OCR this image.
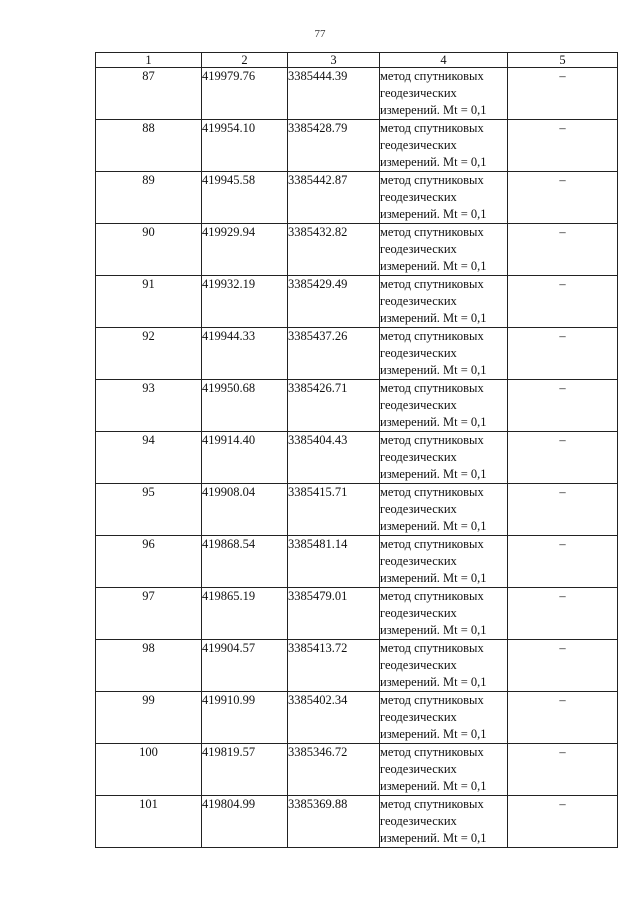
77
1	2	3	4	5
87	419979.76	3385444.39	метод спутниковых
геодезических
измерений. Mt = 0,1	–
88	419954.10	3385428.79	метод спутниковых
геодезических
измерений. Mt = 0,1	–
89	419945.58	3385442.87	метод спутниковых
геодезических
измерений. Mt = 0,1	–
90	419929.94	3385432.82	метод спутниковых
геодезических
измерений. Mt = 0,1	–
91	419932.19	3385429.49	метод спутниковых
геодезических
измерений. Mt = 0,1	–
92	419944.33	3385437.26	метод спутниковых
геодезических
измерений. Mt = 0,1	–
93	419950.68	3385426.71	метод спутниковых
геодезических
измерений. Mt = 0,1	–
94	419914.40	3385404.43	метод спутниковых
геодезических
измерений. Mt = 0,1	–
95	419908.04	3385415.71	метод спутниковых
геодезических
измерений. Mt = 0,1	–
96	419868.54	3385481.14	метод спутниковых
геодезических
измерений. Mt = 0,1	–
97	419865.19	3385479.01	метод спутниковых
геодезических
измерений. Mt = 0,1	–
98	419904.57	3385413.72	метод спутниковых
геодезических
измерений. Mt = 0,1	–
99	419910.99	3385402.34	метод спутниковых
геодезических
измерений. Mt = 0,1	–
100	419819.57	3385346.72	метод спутниковых
геодезических
измерений. Mt = 0,1	–
101	419804.99	3385369.88	метод спутниковых
геодезических
измерений. Mt = 0,1	–
